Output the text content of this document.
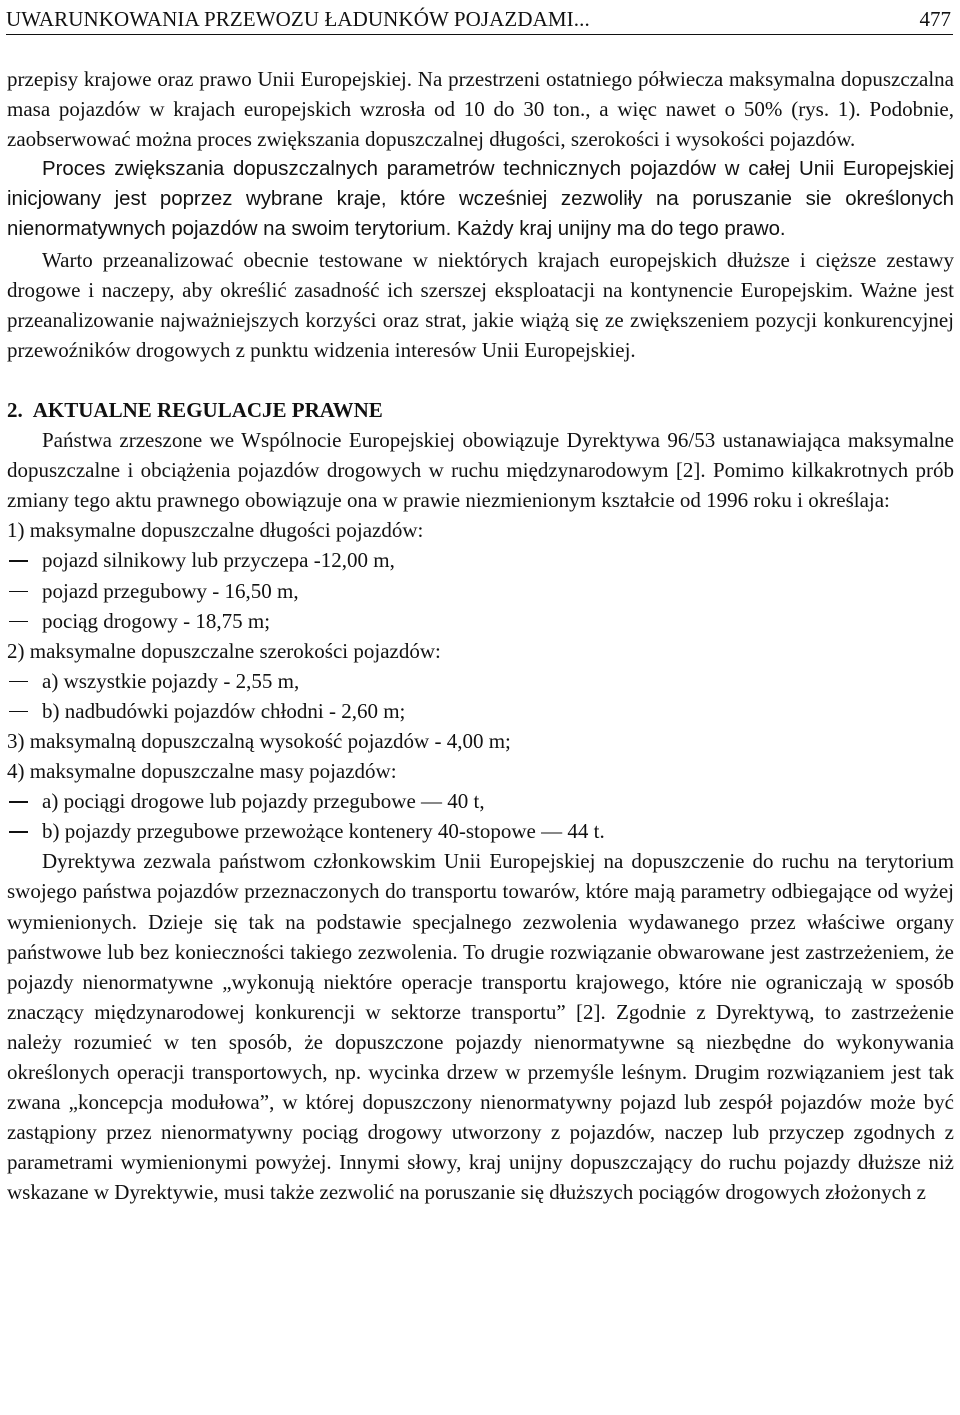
UWARUNKOWANIA PRZEWOZU ŁADUNKÓW POJAZDAMI...	477

przepisy krajowe oraz prawo Unii Europejskiej. Na przestrzeni ostatniego półwiecza maksymalna dopuszczalna masa pojazdów w krajach europejskich wzrosła od 10 do 30 ton., a więc nawet o 50% (rys. 1). Podobnie, zaobserwować można proces zwiększania dopuszczalnej długości, szerokości i wysokości pojazdów.

Proces zwiększania dopuszczalnych parametrów technicznych pojazdów w całej Unii Europejskiej inicjowany jest poprzez wybrane kraje, które wcześniej zezwoliły na poruszanie sie określonych nienormatywnych pojazdów na swoim terytorium. Każdy kraj unijny ma do tego prawo.

Warto przeanalizować obecnie testowane w niektórych krajach europejskich dłuższe i cięższe zestawy drogowe i naczepy, aby określić zasadność ich szerszej eksploatacji na kontynencie Europejskim. Ważne jest przeanalizowanie najważniejszych korzyści oraz strat, jakie wiążą się ze zwiększeniem pozycji konkurencyjnej przewoźników drogowych z punktu widzenia interesów Unii Europejskiej.

2. AKTUALNE REGULACJE PRAWNE

Państwa zrzeszone we Wspólnocie Europejskiej obowiązuje Dyrektywa 96/53 ustanawiająca maksymalne dopuszczalne i obciążenia pojazdów drogowych w ruchu międzynarodowym [2]. Pomimo kilkakrotnych prób zmiany tego aktu prawnego obowiązuje ona w prawie niezmienionym kształcie od 1996 roku i określaja:

1) maksymalne dopuszczalne długości pojazdów:

pojazd silnikowy lub przyczepa -12,00 m,

pojazd przegubowy - 16,50 m,

pociąg drogowy - 18,75 m;

2) maksymalne dopuszczalne szerokości pojazdów:

a) wszystkie pojazdy - 2,55 m,

b) nadbudówki pojazdów chłodni - 2,60 m;

3) maksymalną dopuszczalną wysokość pojazdów - 4,00 m;

4) maksymalne dopuszczalne masy pojazdów:

a) pociągi drogowe lub pojazdy przegubowe — 40 t,

b) pojazdy przegubowe przewożące kontenery 40-stopowe — 44 t.

Dyrektywa zezwala państwom członkowskim Unii Europejskiej na dopuszczenie do ruchu na terytorium swojego państwa pojazdów przeznaczonych do transportu towarów, które mają parametry odbiegające od wyżej wymienionych. Dzieje się tak na podstawie specjalnego zezwolenia wydawanego przez właściwe organy państwowe lub bez konieczności takiego zezwolenia. To drugie rozwiązanie obwarowane jest zastrzeżeniem, że pojazdy nienormatywne „wykonują niektóre operacje transportu krajowego, które nie ograniczają w sposób znaczący międzynarodowej konkurencji w sektorze transportu” [2]. Zgodnie z Dyrektywą, to zastrzeżenie należy rozumieć w ten sposób, że dopuszczone pojazdy nienormatywne są niezbędne do wykonywania określonych operacji transportowych, np. wycinka drzew w przemyśle leśnym. Drugim rozwiązaniem jest tak zwana „koncepcja modułowa”, w której dopuszczony nienormatywny pojazd lub zespół pojazdów może być zastąpiony przez nienormatywny pociąg drogowy utworzony z pojazdów, naczep lub przyczep zgodnych z parametrami wymienionymi powyżej. Innymi słowy, kraj unijny dopuszczający do ruchu pojazdy dłuższe niż wskazane w Dyrektywie, musi także zezwolić na poruszanie się dłuższych pociągów drogowych złożonych z
